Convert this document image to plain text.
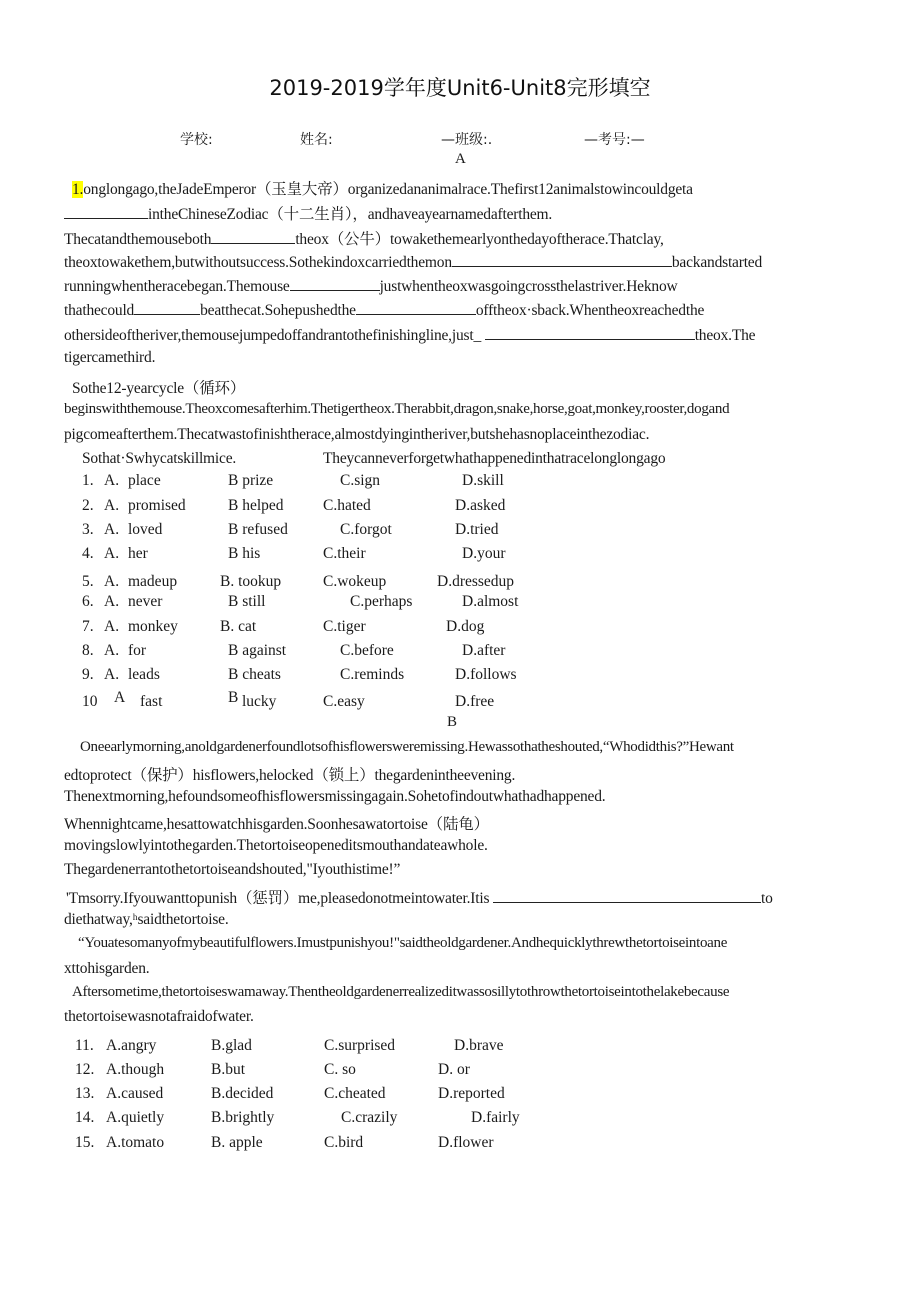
2019-2019学年度Unit6-Unit8完形填空
学校:	姓名:	—班级:.	—考号:—
A
1.onglongago,theJadeEmperor（玉皇大帝）organizedananimalrace.Thefirst12animalstowincouldgeta
intheChineseZodiac（十二生肖），andhaveayearnamedafterthem.
Thecatandthemouseboth	theox（公牛）towakethemearlyonthedayoftherace.Thatclay,
theoxtowakethem,butwithoutsuccess.Sothekindoxcarriedthemon	backandstarted
runningwhentheracebegan.Themouse	justwhentheoxwasgoingcrossthelastriver.Heknow
thathecould	beatthecat.Sohepushedthe	offtheox·sback.Whentheoxreachedthe
othersideoftheriver,themousejumpedoffandrantothefinishingline,just_	theox.The
tigercamethird.
Sothe12-yearcycle（循环）
beginswiththemouse.Theoxcomesafterhim.Thetigertheox.Therabbit,dragon,snake,horse,goat,monkey,rooster,dogand
pigcomeafterthem.Thecatwastofinishtherace,almostdyingintheriver,butshehasnoplaceinthezodiac.
Sothat·Swhycatskillmice.	Theycanneverforgetwhathappenedinthatracelonglongago
1. A. place	B prize	C.sign	D.skill
2. A. promised	B helped	C.hated	D.asked
3. A. loved	B refused	C.forgot	D.tried
4. A. her	B his	C.their	D.your
5. A. madeup	B. tookup	C.wokeup	D.dressedup
6. A. never	B still	C.perhaps	D.almost
7. A. monkey	B. cat	C.tiger	D.dog
8. A. for	B against	C.before	D.after
9. A. leads	B cheats	C.reminds	D.follows
10 A fast	B lucky	C.easy	D.free
B
Oneearlymorning,anoldgardenerfoundlotsofhisflowersweremissing.Hewassothatheshouted,“Whodidthis?”Hewant
edtoprotect（保护）hisflowers,helocked（锁上）thegardenintheevening.
Thenextmorning,hefoundsomeofhisflowersmissingagain.Sohetofindoutwhathadhappened.
Whennightcame,hesattowatchhisgarden.Soonhesawatortoise（陆龟）
movingslowlyintothegarden.Thetortoiseopeneditsmouthandateawhole.
Thegardenerrantothetortoiseandshouted,"Iyouthistime!”
'Tmsorry.Ifyouwanttopunish（惩罚）me,pleasedonotmeintowater.Itis	to
diethatway,ʰsaidthetortoise.
“Youatesomanyofmybeautifulflowers.Imustpunishyou!"saidtheoldgardener.Andhequicklythrewthetortoiseintoane
xttohisgarden.
Aftersometime,thetortoiseswamaway.Thentheoldgardenerrealizeditwassosillytothrowthetortoiseintothelakebecause
thetortoisewasnotafraidofwater.
11. A.angry	B.glad	C.surprised	D.brave
12. A.though	B.but	C. so	D. or
13. A.caused	B.decided	C.cheated	D.reported
14. A.quietly	B.brightly	C.crazily	D.fairly
15. A.tomato	B. apple	C.bird	D.flower
